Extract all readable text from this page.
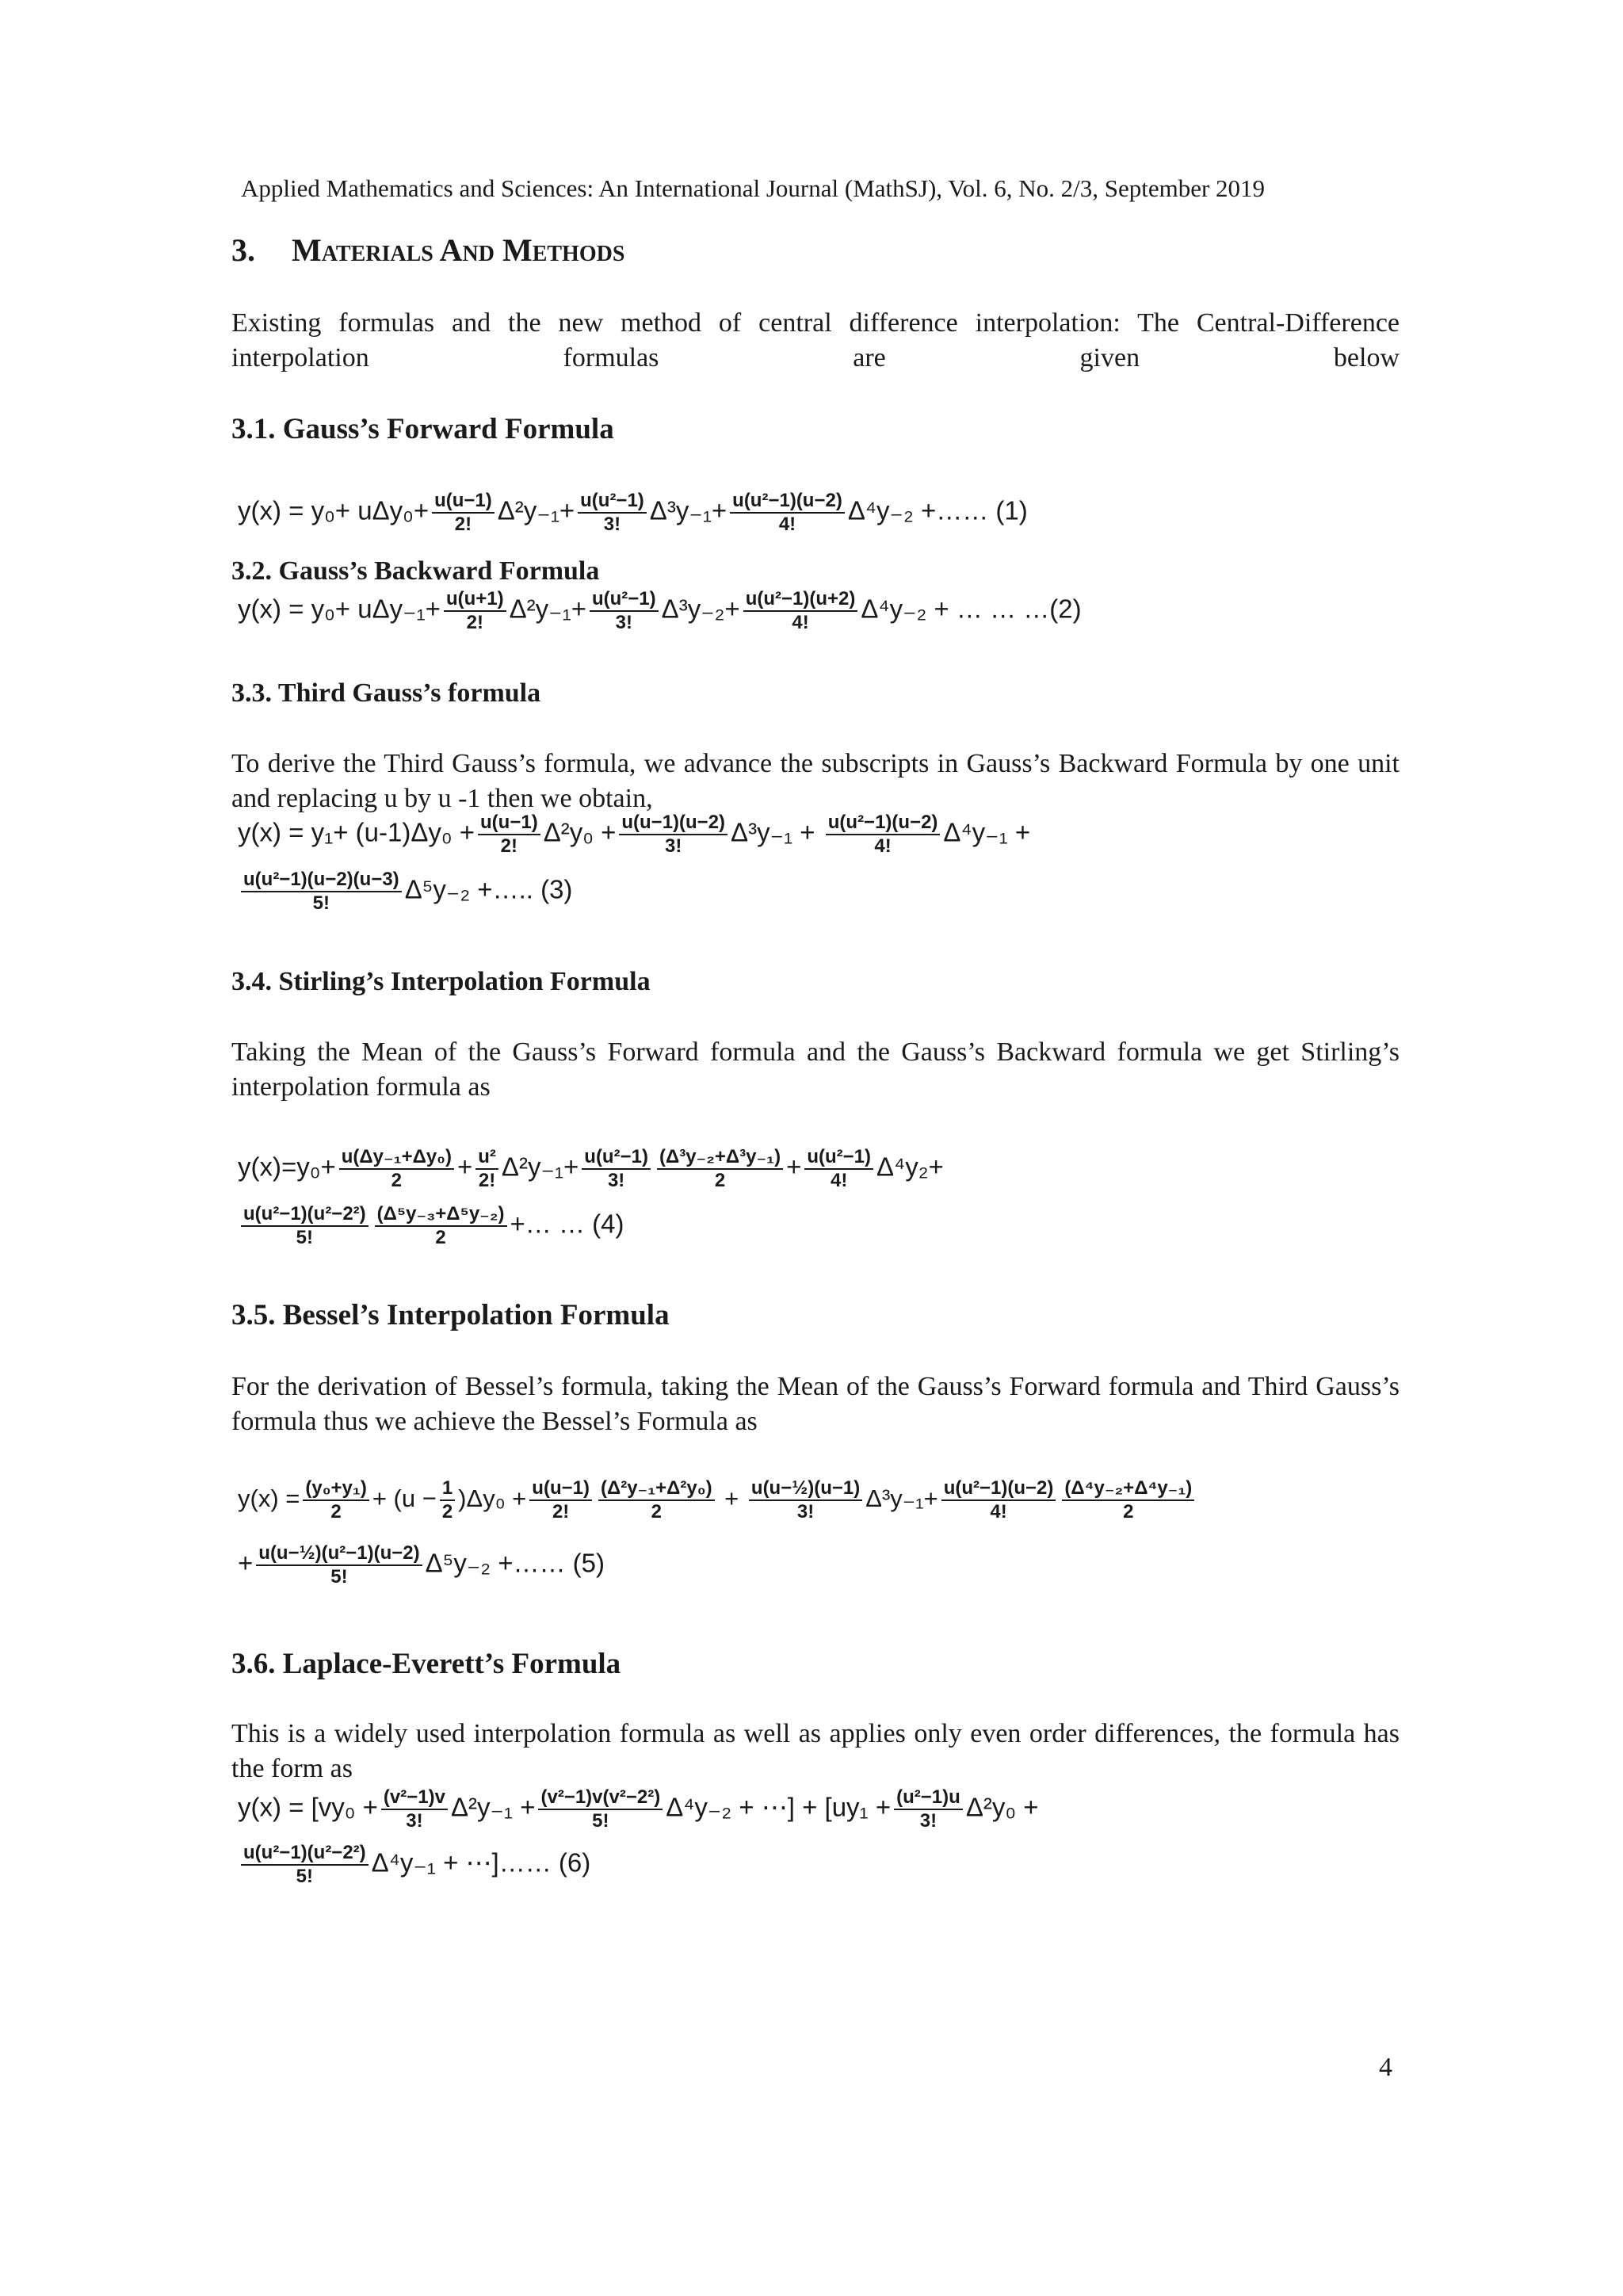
Applied Mathematics and Sciences: An International Journal (MathSJ), Vol. 6, No. 2/3, September 2019
3. Materials And Methods
Existing formulas and the new method of central difference interpolation: The Central-Difference interpolation formulas are given below
3.1. Gauss’s Forward Formula
$y(x) = y_0+ u\Delta y_0+ \frac{u(u-1)}{2!} \Delta^2y_{-1}+ \frac{\text{u(u²−1)}}{3!} \Delta^3y_{-1}+ \frac{\text{u(u²−1)(u−2)}}{4!} \Delta^4y_{-2}$ +…… (1)
3.2. Gauss’s Backward Formula
$y(x) = y_0+ u\Delta y_{-1}+ \frac{u(u+1)}{2!} \Delta^2y_{-1}+ \frac{\text{u(u²−1)}}{3!} \Delta^3y_{-2}+ \frac{\text{u(u²−1)(u+2)}}{4!} \Delta^4y_{-2}$ + … … …(2)
3.3. Third Gauss’s formula
To derive the Third Gauss’s formula, we advance the subscripts in Gauss’s Backward Formula by one unit and replacing u by u -1 then we obtain,
$y(x) = y_1+ (u-1)\Delta y_0 + \frac{u(u-1)}{2!} \Delta^2y_0 + \frac{u(u-1)(u-2)}{3!} \Delta^3y_{-1} + \frac{\text{u(u²−1)(u−2)}}{4!} \Delta^4y_{-1}$ +
$\frac{\text{u(u²−1)(u−2)(u−3)}}{5!} \Delta^5y_{-2}$ +….. (3)
3.4. Stirling’s Interpolation Formula
Taking the Mean of the Gauss’s Forward formula and the Gauss’s Backward formula we get Stirling’s interpolation formula as
$y(x)=y_0+ \frac{\text{u(Δy₋₁+Δy₀)}}{2} + \frac{\text{u²}}{2!} \Delta^2y_{-1}+ \frac{\text{u(u²−1)}}{3!} \frac{\text{(Δ³y₋₂+Δ³y₋₁)}}{2} + \frac{\text{u(u²−1)}}{4!} \Delta^4y_2+$
$\frac{\text{u(u²−1)(u²−2²)}}{5!} \frac{\text{(Δ⁵y₋₃+Δ⁵y₋₂)}}{2}$ +… … (4)
3.5. Bessel’s Interpolation Formula
For the derivation of Bessel’s formula, taking the Mean of the Gauss’s Forward formula and Third Gauss’s formula thus we achieve the Bessel’s Formula as
$y(x) = \frac{\text{(y₀+y₁)}}{2} + (u - \frac{1}{2} )\Delta y_0 + \frac{u(u-1)}{2!} \frac{\text{(Δ²y₋₁+Δ²y₀)}}{2} + \frac{\text{u(u−½)(u−1)}}{3!} \Delta^3y_{-1}+ \frac{\text{u(u²−1)(u−2)}}{4!} \frac{\text{(Δ⁴y₋₂+Δ⁴y₋₁)}}{2}$
+ $\frac{\text{u(u−½)(u²−1)(u−2)}}{5!} \Delta^5y_{-2}$ +…… (5)
3.6. Laplace-Everett’s Formula
This is a widely used interpolation formula as well as applies only even order differences, the formula has the form as
$y(x) = [vy_0 + \frac{\text{(v²−1)v}}{3!} \Delta^2y_{-1} + \frac{\text{(v²−1)v(v²−2²)}}{5!} \Delta^4y_{-2}$ + ⋯] + [$uy_1 + \frac{\text{(u²−1)u}}{3!} \Delta^2y_0$ +
$\frac{\text{u(u²−1)(u²−2²)}}{5!} \Delta^4y_{-1}$ + ⋯]…… (6)
4
